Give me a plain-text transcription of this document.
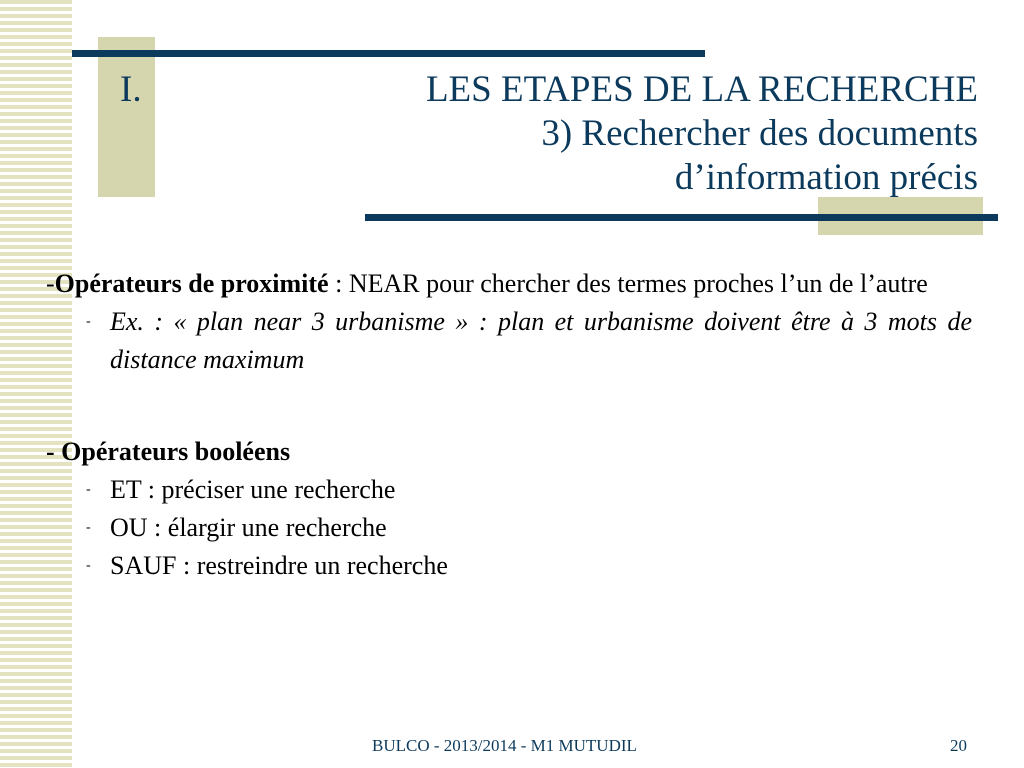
I.	LES ETAPES DE LA RECHERCHE
3) Rechercher des documents
d’information précis

-Opérateurs de proximité : NEAR pour chercher des termes proches l’un de l’autre

- Ex. : « plan near 3 urbanisme » : plan et urbanisme doivent être à 3 mots de distance maximum

- Opérateurs booléens

- ET : préciser une recherche

- OU : élargir une recherche

- SAUF : restreindre un recherche

BULCO - 2013/2014 - M1 MUTUDIL	20
